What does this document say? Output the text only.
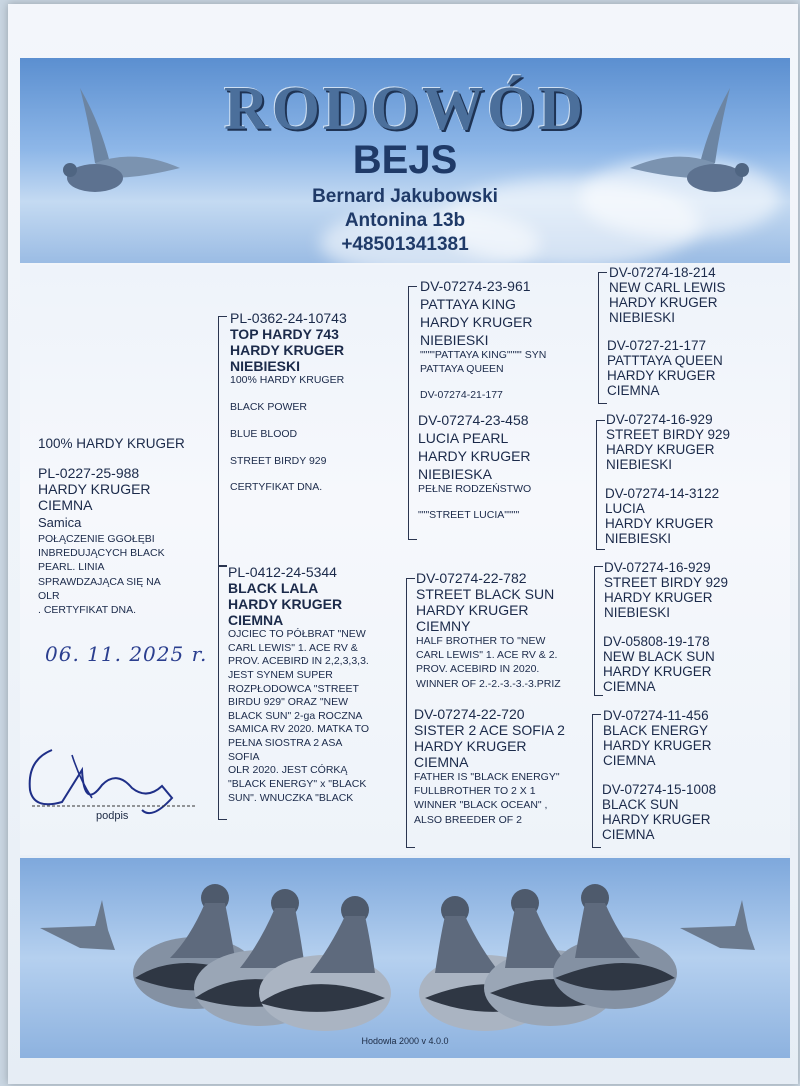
RODOWÓD
BEJS
Bernard Jakubowski
Antonina 13b
+48501341381
100% HARDY KRUGER
PL-0227-25-988
HARDY KRUGER
CIEMNA
Samica
POŁĄCZENIE GGOŁĘBI
INBREDUJĄCYCH BLACK
PEARL. LINIA
SPRAWDZAJĄCA SIĘ NA
OLR
. CERTYFIKAT DNA.
06. 11. 2025 r.
podpis
PL-0362-24-10743
TOP HARDY 743
HARDY KRUGER
NIEBIESKI
100% HARDY KRUGER
BLACK POWER
BLUE BLOOD
STREET BIRDY 929
CERTYFIKAT DNA.
PL-0412-24-5344
BLACK LALA
HARDY KRUGER
CIEMNA
OJCIEC TO PÓŁBRAT "NEW
CARL LEWIS" 1. ACE RV &
PROV. ACEBIRD IN 2,2,3,3,3.
JEST SYNEM SUPER
ROZPŁODOWCA "STREET
BIRDU 929" ORAZ "NEW
BLACK SUN" 2-ga ROCZNA
SAMICA RV 2020. MATKA TO
PEŁNA SIOSTRA 2 ASA
SOFIA
OLR 2020. JEST CÓRKĄ
"BLACK ENERGY" x "BLACK
SUN". WNUCZKA "BLACK
DV-07274-23-961
PATTAYA KING
HARDY KRUGER
NIEBIESKI
""""PATTAYA KING"""" SYN
PATTAYA QUEEN
DV-07274-21-177
DV-07274-23-458
LUCIA PEARL
HARDY KRUGER
NIEBIESKA
PEŁNE RODZEŃSTWO
"""STREET LUCIA""""
DV-07274-22-782
STREET BLACK SUN
HARDY KRUGER
CIEMNY
HALF BROTHER TO "NEW
CARL LEWIS" 1. ACE RV & 2.
PROV. ACEBIRD IN 2020.
WINNER OF 2.-2.-3.-3.-3.PRIZ
DV-07274-22-720
SISTER 2 ACE SOFIA 2
HARDY KRUGER
CIEMNA
FATHER IS "BLACK ENERGY"
FULLBROTHER TO 2 X 1
WINNER "BLACK OCEAN" ,
ALSO BREEDER OF 2
DV-07274-18-214
NEW CARL LEWIS
HARDY KRUGER
NIEBIESKI
DV-0727-21-177
PATTTAYA QUEEN
HARDY KRUGER
CIEMNA
DV-07274-16-929
STREET BIRDY 929
HARDY KRUGER
NIEBIESKI
DV-07274-14-3122
LUCIA
HARDY KRUGER
NIEBIESKI
DV-07274-16-929
STREET BIRDY 929
HARDY KRUGER
NIEBIESKI
DV-05808-19-178
NEW BLACK SUN
HARDY KRUGER
CIEMNA
DV-07274-11-456
BLACK ENERGY
HARDY KRUGER
CIEMNA
DV-07274-15-1008
BLACK SUN
HARDY KRUGER
CIEMNA
Hodowla 2000 v 4.0.0
